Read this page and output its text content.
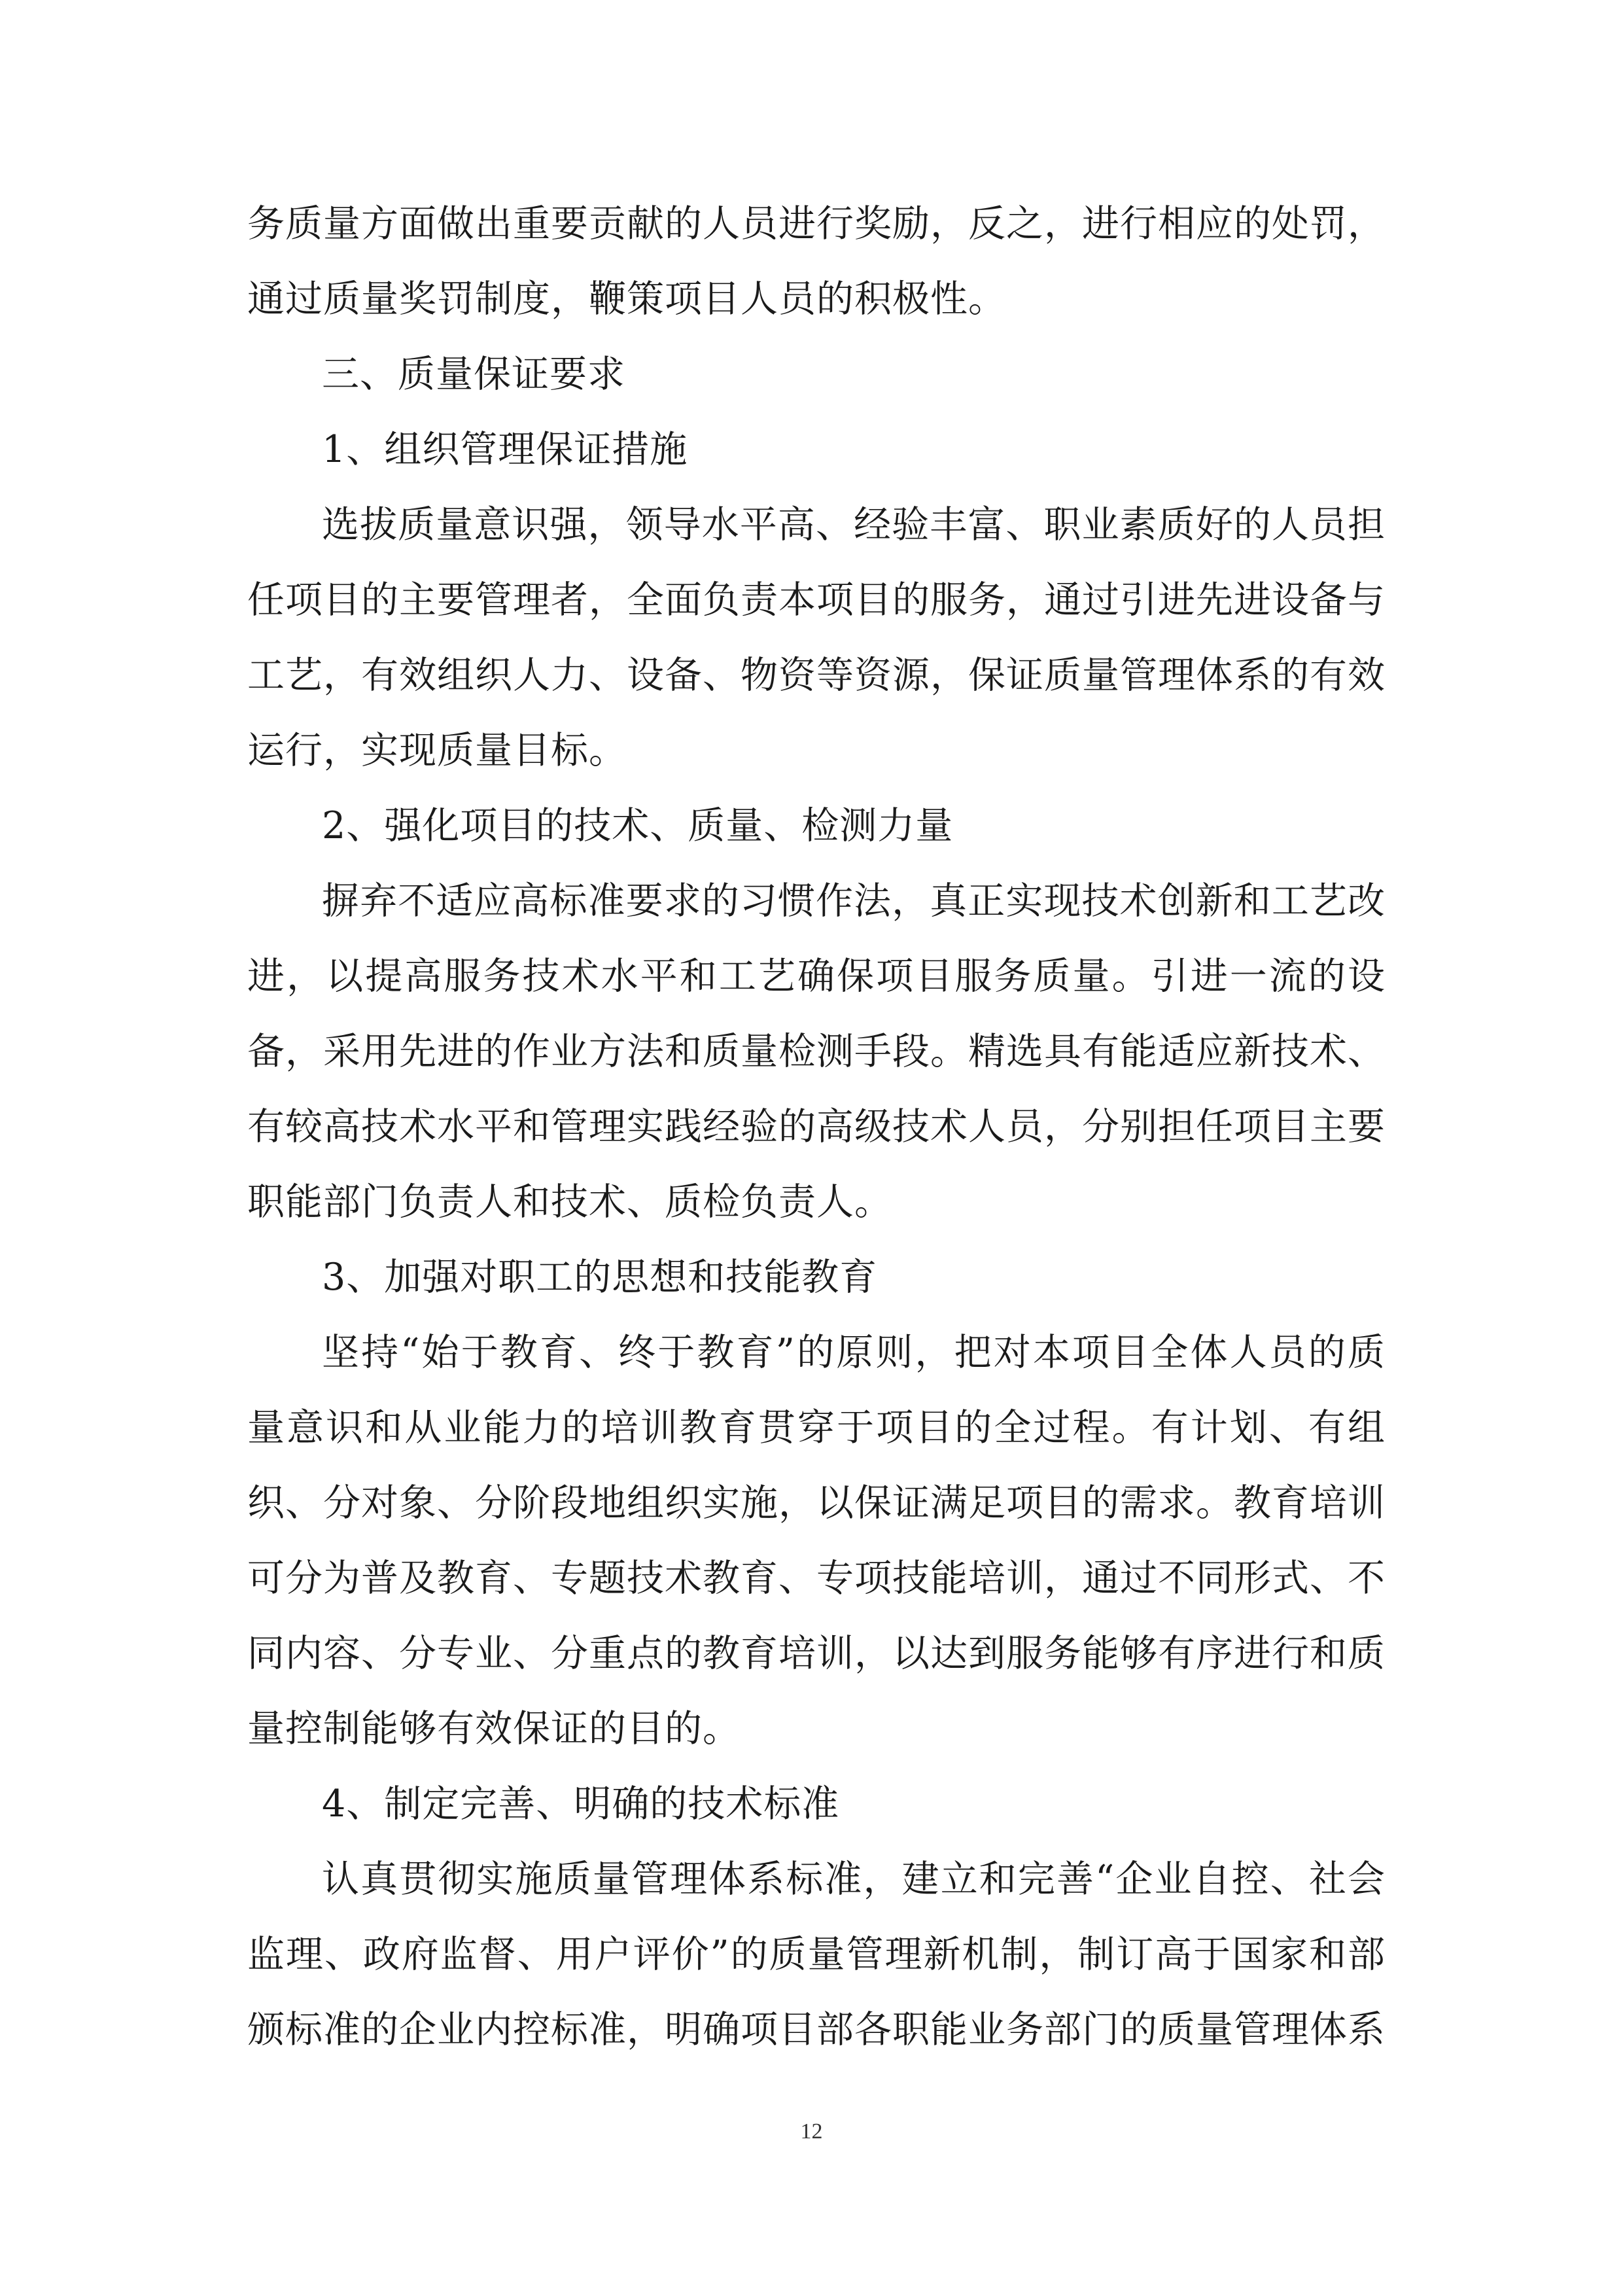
务质量方面做出重要贡献的人员进行奖励，反之，进行相应的处罚，通过质量奖罚制度，鞭策项目人员的积极性。

三、质量保证要求

1、组织管理保证措施

选拔质量意识强，领导水平高、经验丰富、职业素质好的人员担任项目的主要管理者，全面负责本项目的服务，通过引进先进设备与工艺，有效组织人力、设备、物资等资源，保证质量管理体系的有效运行，实现质量目标。

2、强化项目的技术、质量、检测力量

摒弃不适应高标准要求的习惯作法，真正实现技术创新和工艺改进，以提高服务技术水平和工艺确保项目服务质量。引进一流的设备，采用先进的作业方法和质量检测手段。精选具有能适应新技术、有较高技术水平和管理实践经验的高级技术人员，分别担任项目主要职能部门负责人和技术、质检负责人。

3、加强对职工的思想和技能教育

坚持“始于教育、终于教育”的原则，把对本项目全体人员的质量意识和从业能力的培训教育贯穿于项目的全过程。有计划、有组织、分对象、分阶段地组织实施，以保证满足项目的需求。教育培训可分为普及教育、专题技术教育、专项技能培训，通过不同形式、不同内容、分专业、分重点的教育培训，以达到服务能够有序进行和质量控制能够有效保证的目的。

4、制定完善、明确的技术标准

认真贯彻实施质量管理体系标准，建立和完善“企业自控、社会监理、政府监督、用户评价”的质量管理新机制，制订高于国家和部颁标准的企业内控标准，明确项目部各职能业务部门的质量管理体系

12
